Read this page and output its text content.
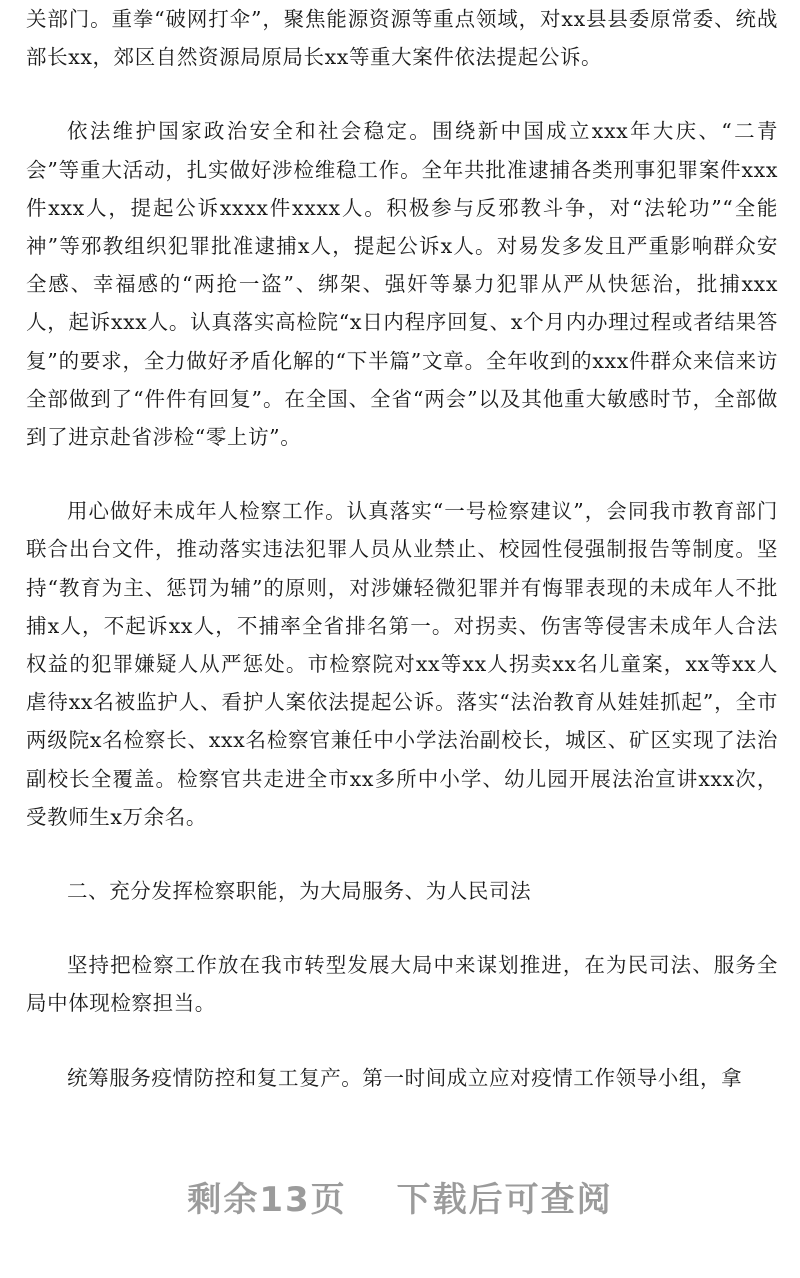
关部门。重拳“破网打伞”，聚焦能源资源等重点领域，对xx县县委原常委、统战部长xx，郊区自然资源局原局长xx等重大案件依法提起公诉。

依法维护国家政治安全和社会稳定。围绕新中国成立xxx年大庆、“二青会”等重大活动，扎实做好涉检维稳工作。全年共批准逮捕各类刑事犯罪案件xxx件xxx人，提起公诉xxxx件xxxx人。积极参与反邪教斗争，对“法轮功”“全能神”等邪教组织犯罪批准逮捕x人，提起公诉x人。对易发多发且严重影响群众安全感、幸福感的“两抢一盗”、绑架、强奸等暴力犯罪从严从快惩治，批捕xxx人，起诉xxx人。认真落实高检院“x日内程序回复、x个月内办理过程或者结果答复”的要求，全力做好矛盾化解的“下半篇”文章。全年收到的xxx件群众来信来访全部做到了“件件有回复”。在全国、全省“两会”以及其他重大敏感时节，全部做到了进京赴省涉检“零上访”。

用心做好未成年人检察工作。认真落实“一号检察建议”，会同我市教育部门联合出台文件，推动落实违法犯罪人员从业禁止、校园性侵强制报告等制度。坚持“教育为主、惩罚为辅”的原则，对涉嫌轻微犯罪并有悔罪表现的未成年人不批捕x人，不起诉xx人，不捕率全省排名第一。对拐卖、伤害等侵害未成年人合法权益的犯罪嫌疑人从严惩处。市检察院对xx等xx人拐卖xx名儿童案，xx等xx人虐待xx名被监护人、看护人案依法提起公诉。落实“法治教育从娃娃抓起”，全市两级院x名检察长、xxx名检察官兼任中小学法治副校长，城区、矿区实现了法治副校长全覆盖。检察官共走进全市xx多所中小学、幼儿园开展法治宣讲xxx次，受教师生x万余名。

二、充分发挥检察职能，为大局服务、为人民司法

坚持把检察工作放在我市转型发展大局中来谋划推进，在为民司法、服务全局中体现检察担当。

统筹服务疫情防控和复工复产。第一时间成立应对疫情工作领导小组，拿

剩余13页 下载后可查阅
